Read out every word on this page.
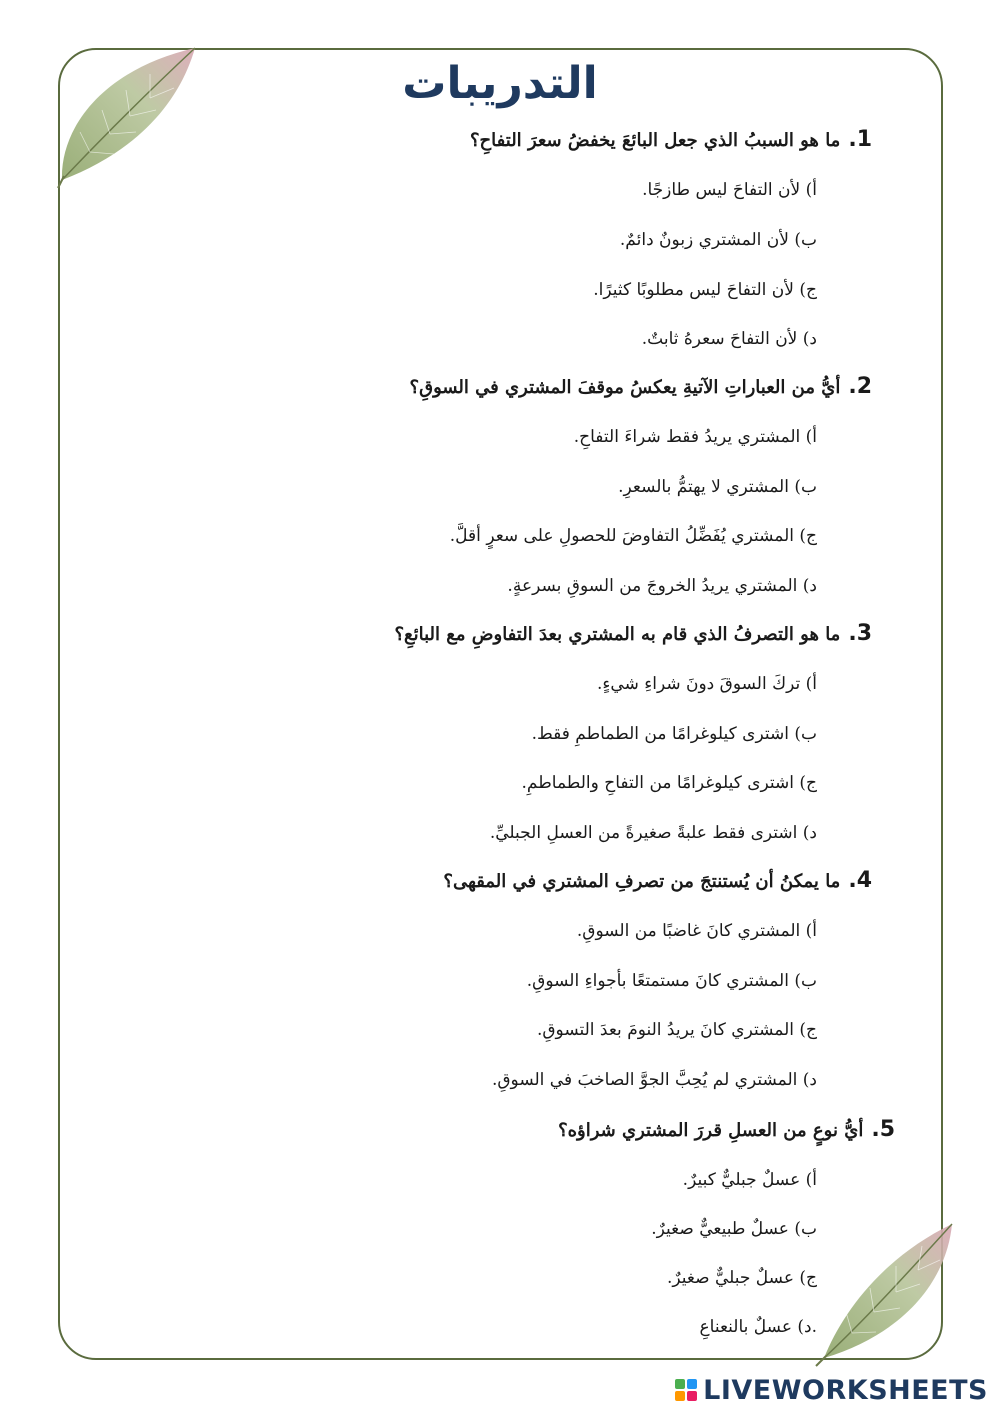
التدريبات
1.ما هو السببُ الذي جعل البائعَ يخفضُ سعرَ التفاحِ؟
أ) لأن التفاحَ ليس طازجًا.
ب) لأن المشتري زبونٌ دائمٌ.
ج) لأن التفاحَ ليس مطلوبًا كثيرًا.
د) لأن التفاحَ سعرهُ ثابتٌ.
2.أيُّ من العباراتِ الآتيةِ يعكسُ موقفَ المشتري في السوقِ؟
أ) المشتري يريدُ فقط شراءَ التفاحِ.
ب) المشتري لا يهتمُّ بالسعرِ.
ج) المشتري يُفَضِّلُ التفاوضَ للحصولِ على سعرٍ أقلَّ.
د) المشتري يريدُ الخروجَ من السوقِ بسرعةٍ.
3.ما هو التصرفُ الذي قام به المشتري بعدَ التفاوضِ مع البائعِ؟
أ) تركَ السوقَ دونَ شراءِ شيءٍ.
ب) اشترى كيلوغرامًا من الطماطمِ فقط.
ج) اشترى كيلوغرامًا من التفاحِ والطماطمِ.
د) اشترى فقط علبةً صغيرةً من العسلِ الجبليِّ.
4.ما يمكنُ أن يُستنتجَ من تصرفِ المشتري في المقهى؟
أ) المشتري كانَ غاضبًا من السوقِ.
ب) المشتري كانَ مستمتعًا بأجواءِ السوقِ.
ج) المشتري كانَ يريدُ النومَ بعدَ التسوقِ.
د) المشتري لم يُحِبَّ الجوَّ الصاخبَ في السوقِ.
5.أيُّ نوعٍ من العسلِ قررَ المشتري شراؤه؟
أ) عسلٌ جبليٌّ كبيرٌ.
ب) عسلٌ طبيعيٌّ صغيرٌ.
ج) عسلٌ جبليٌّ صغيرٌ.
.د) عسلٌ بالنعناعِ
LIVEWORKSHEETS
